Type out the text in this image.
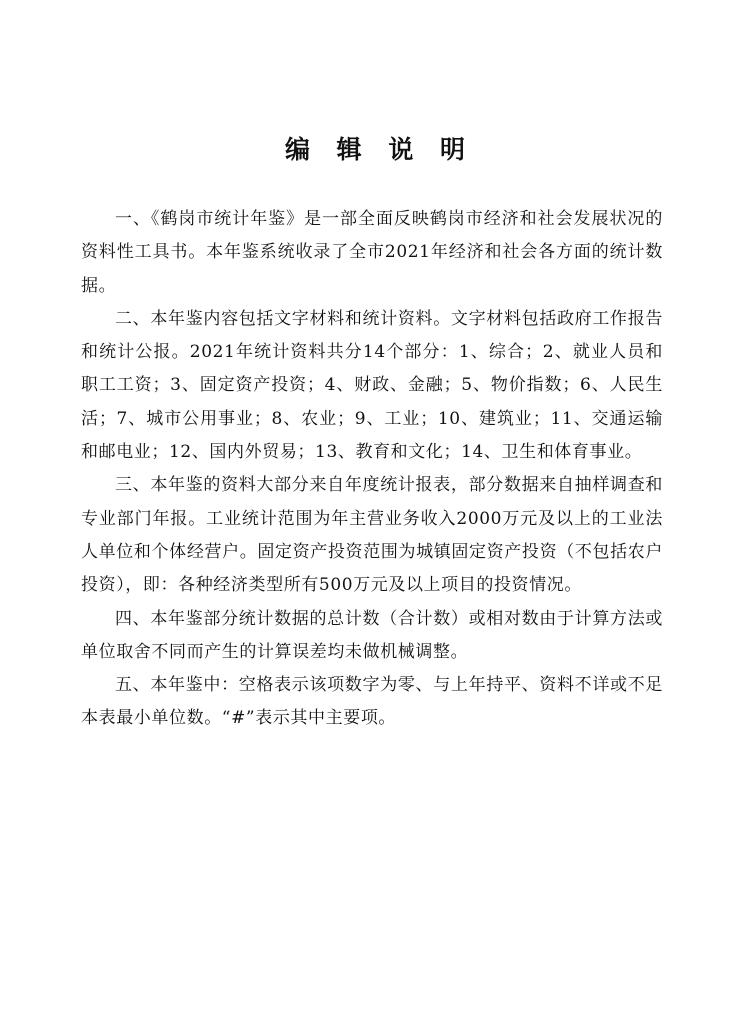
编 辑 说 明

一、《鹤岗市统计年鉴》是一部全面反映鹤岗市经济和社会发展状况的资料性工具书。本年鉴系统收录了全市2021年经济和社会各方面的统计数据。

二、本年鉴内容包括文字材料和统计资料。文字材料包括政府工作报告和统计公报。2021年统计资料共分14个部分：1、综合；2、就业人员和职工工资；3、固定资产投资；4、财政、金融；5、物价指数；6、人民生活；7、城市公用事业；8、农业；9、工业；10、建筑业；11、交通运输和邮电业；12、国内外贸易；13、教育和文化；14、卫生和体育事业。

三、本年鉴的资料大部分来自年度统计报表，部分数据来自抽样调查和专业部门年报。工业统计范围为年主营业务收入2000万元及以上的工业法人单位和个体经营户。固定资产投资范围为城镇固定资产投资（不包括农户投资），即：各种经济类型所有500万元及以上项目的投资情况。

四、本年鉴部分统计数据的总计数（合计数）或相对数由于计算方法或单位取舍不同而产生的计算误差均未做机械调整。

五、本年鉴中：空格表示该项数字为零、与上年持平、资料不详或不足本表最小单位数。“#”表示其中主要项。
